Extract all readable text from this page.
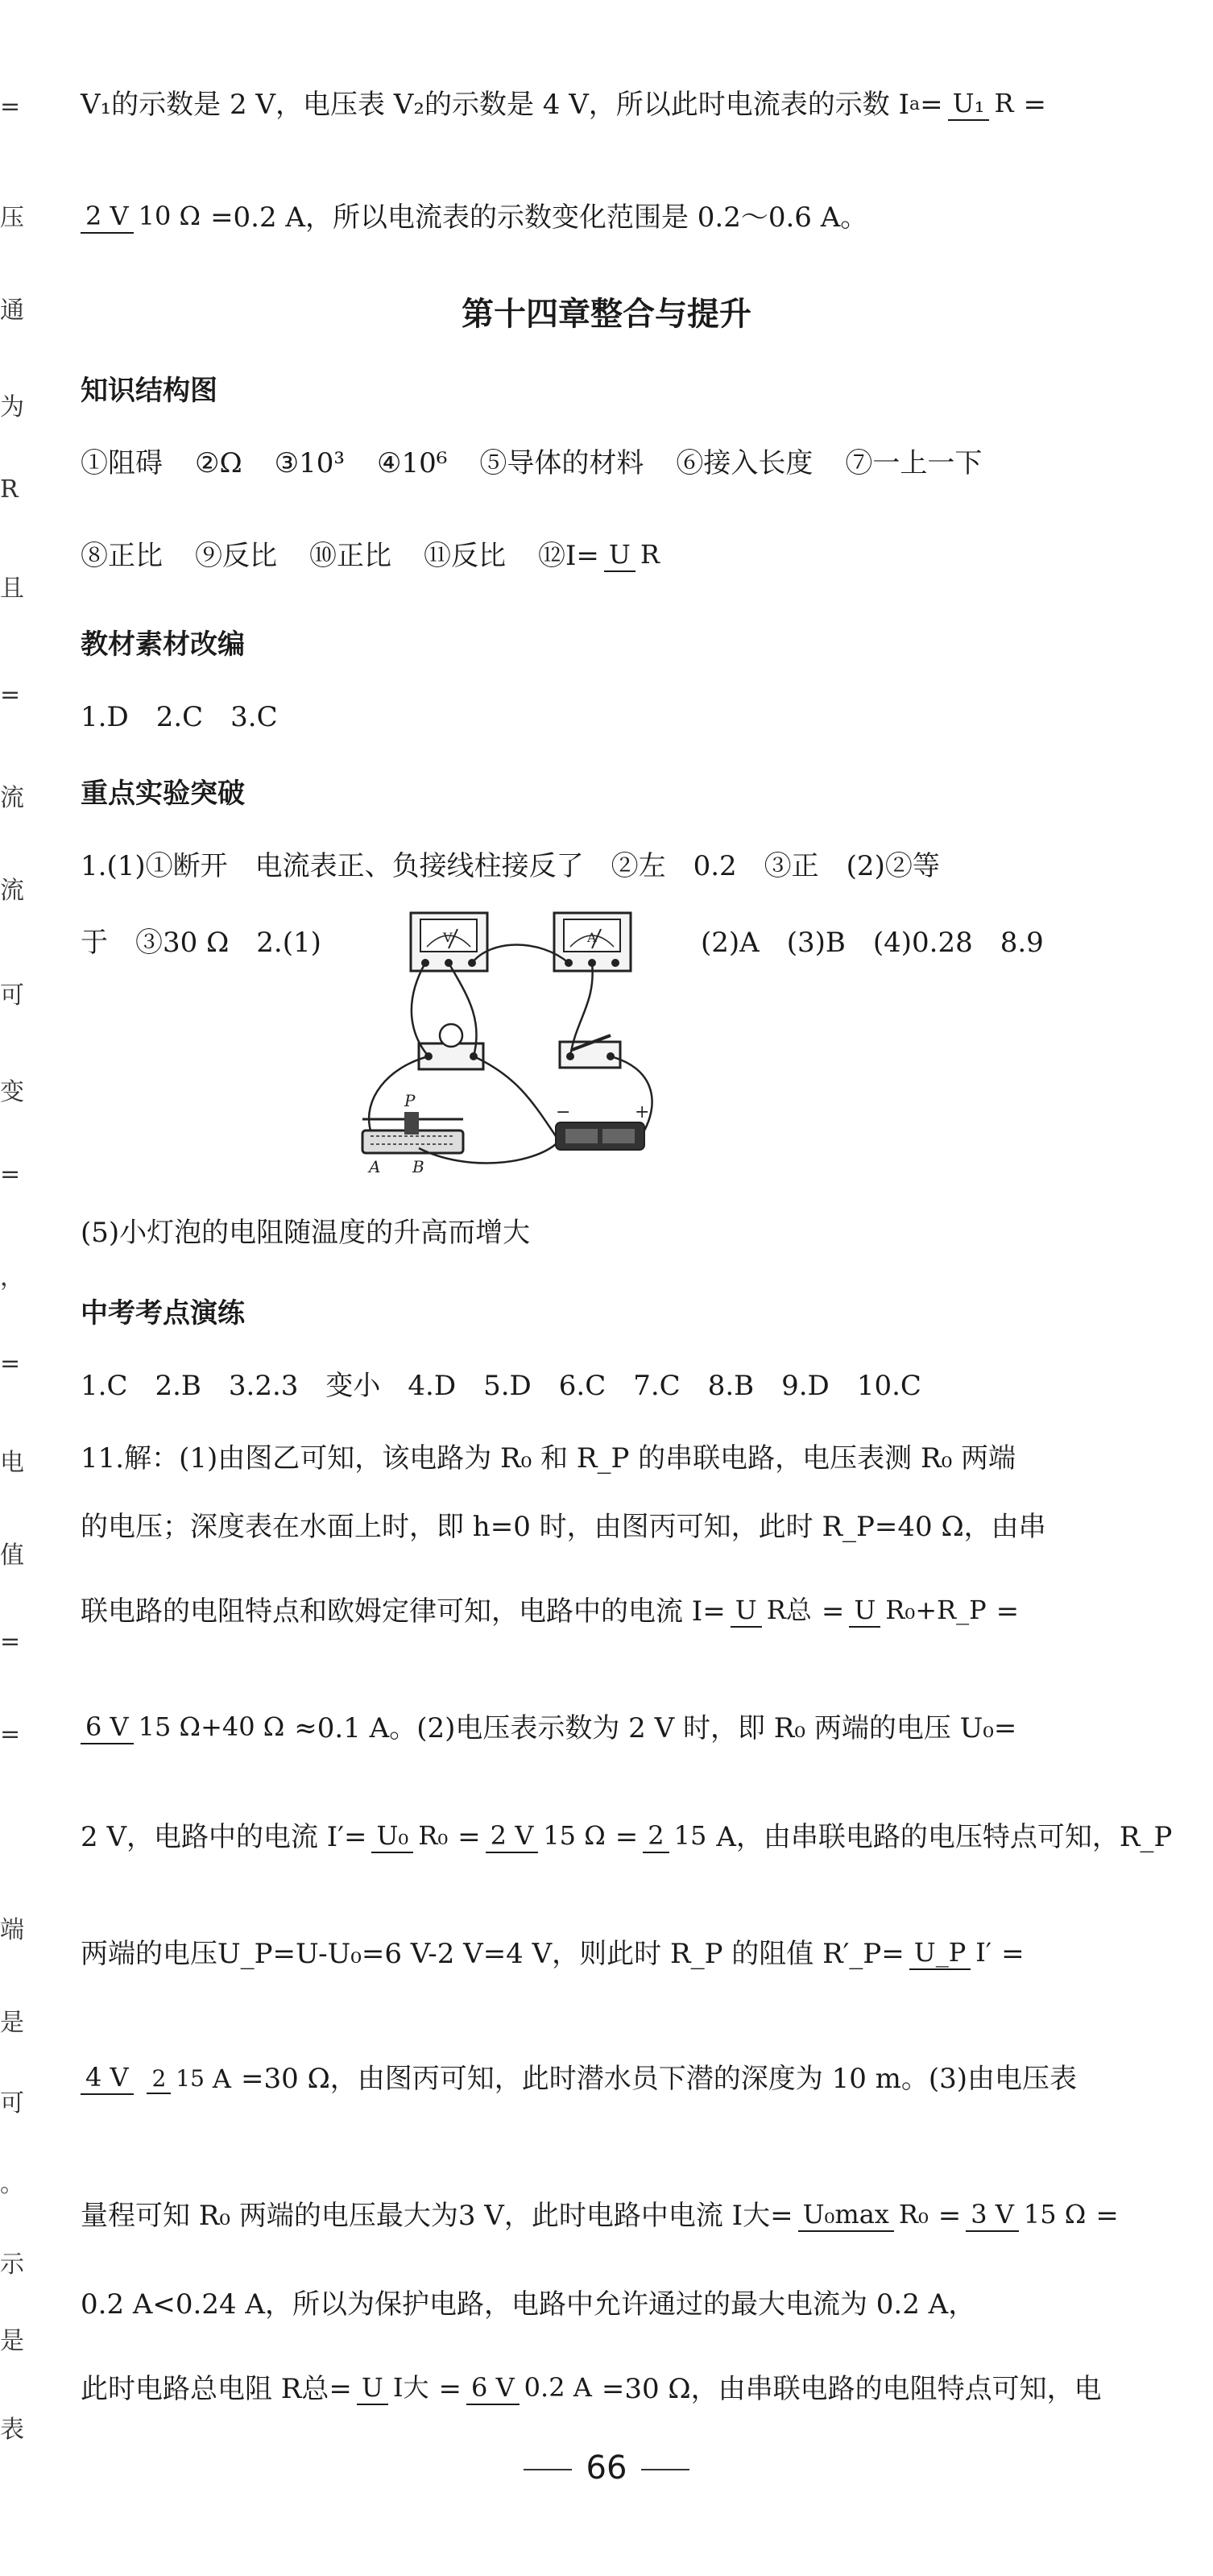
=
压
通
为
R
且
=
流
流
可
变
=
，
=
电
值
=
=
端
是
可
。
示
是
表
V₁的示数是 2 V，电压表 V₂的示数是 4 V，所以此时电流表的示数 I a = U₁ R =
2 V 10 Ω =0.2 A，所以电流表的示数变化范围是 0.2～0.6 A。
第十四章整合与提升
知识结构图
①阻碍 ②Ω ③10³ ④10⁶ ⑤导体的材料 ⑥接入长度 ⑦一上一下
⑧正比 ⑨反比 ⑩正比 ⑪反比 ⑫I= U R
教材素材改编
1.D　2.C　3.C
重点实验突破
1.(1)①断开　电流表正、负接线柱接反了　②左　0.2　③正　(2)②等
于　③30 Ω　2.(1)	(2)A　(3)B　(4)0.28　8.9
V	A
P
A B
−	+
(5)小灯泡的电阻随温度的升高而增大
中考考点演练
1.C　2.B　3.2.3　变小　4.D　5.D　6.C　7.C　8.B　9.D　10.C
11.解：(1)由图乙可知，该电路为 R₀ 和 R_P 的串联电路，电压表测 R₀ 两端
的电压；深度表在水面上时，即 h=0 时，由图丙可知，此时 R_P=40 Ω，由串
联电路的电阻特点和欧姆定律可知，电路中的电流 I= U R总 = U R₀+R_P =
6 V 15 Ω+40 Ω ≈0.1 A。(2)电压表示数为 2 V 时，即 R₀ 两端的电压 U₀=
2 V，电路中的电流 I′= U₀ R₀ = 2 V 15 Ω = 2 15 A，由串联电路的电压特点可知，R_P
两端的电压U_P=U-U₀=6 V-2 V=4 V，则此时 R_P 的阻值 R′_P= U_P I′ =
4 V 2 15 A =30 Ω，由图丙可知，此时潜水员下潜的深度为 10 m。(3)由电压表
量程可知 R₀ 两端的电压最大为3 V，此时电路中电流 I大= U₀max R₀ = 3 V 15 Ω =
0.2 A<0.24 A，所以为保护电路，电路中允许通过的最大电流为 0.2 A，
此时电路总电阻 R总= U I大 = 6 V 0.2 A =30 Ω，由串联电路的电阻特点可知，电
66
